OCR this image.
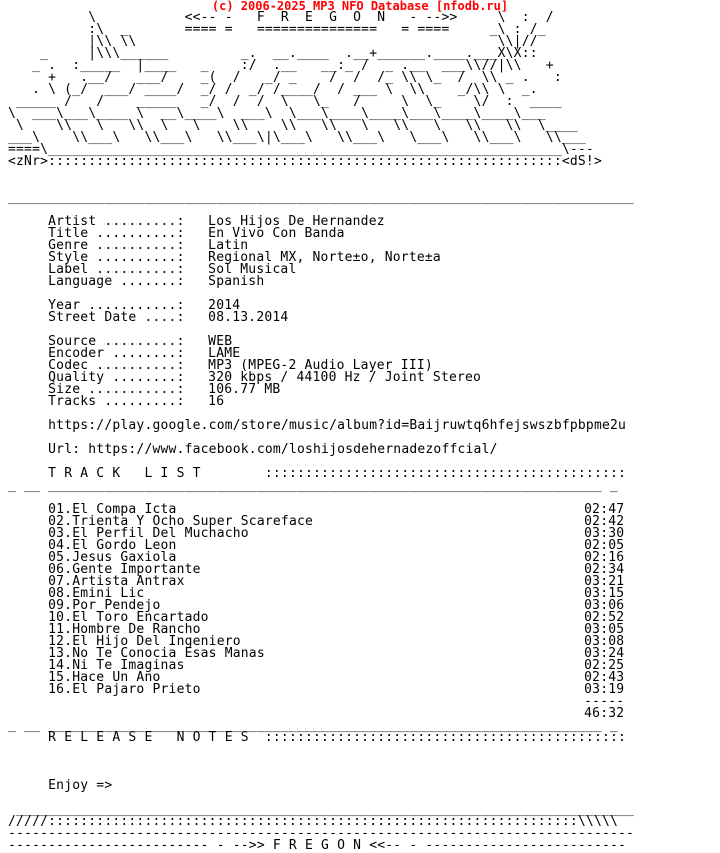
(c) 2006-2025 MP3 NFO Database [nfodb.ru]
\           <<-- -   F  R  E  G  O  N   - -->>     \  :  /
:\  _       ==== =   ===============   = ====     _\ : /_
|\\ \\                                             \\|//
_     |\\\______         _.  __.____  .__+______.____.___X\X::
_ .  :_____  |____   _    :/  .__   __:_ /  _ .__  ___\\//|\\   +
+   .__/   ___/    _(  /   _/ _    /  /  /_ \\ \_  /  \\ _ .   :
. \ (_/  ___/ ____/  _/ /  _/ /____/  / ___ \  \\    _/\\ \  _.
_____ /   /    _____   _/  /  /  \   \_   /     \  \_    \/  :  ____
\  ___\___\____ \  __\____\  ___\  \___\____\____\___\____\____\___
\    \\   \   \\  \   \    \\    \\   \\   \   \\   \   \\   \\  \____
___\    \\___\   \\___\   \\___\|\___\   \\___\   \___\   \\___\   \\___
====\________________________________________________________________\---
<zNr>::::::::::::::::::::::::::::::::::::::::::::::::::::::::::::::::<dS!>
______________________________________________________________________________
Artist .........: Los Hijos De Hernandez
Title ..........: En Vivo Con Banda
Genre ..........: Latin
Style ..........: Regional MX, Norte±o, Norte±a
Label ..........: Sol Musical
Language .......: Spanish
Year ...........: 2014
Street Date ....: 08.13.2014
Source .........: WEB
Encoder ........: LAME
Codec ..........: MP3 (MPEG-2 Audio Layer III)
Quality ........: 320 kbps / 44100 Hz / Joint Stereo
Size ...........: 106.77 MB
Tracks .........: 16
https://play.google.com/store/music/album?id=Baijruwtq6hfejswszbfpbpme2u
Url: https://www.facebook.com/loshijosdehernadezoffcial/
T R A C K   L I S T        :::::::::::::::::::::::::::::::::::::::::::::
_ __ _____________________________________________________________________ _
01.El Compa Icta	02:47
02.Trienta Y Ocho Super Scareface	02:42
03.El Perfil Del Muchacho	03:30
04.El Gordo Leon	02:05
05.Jesus Gaxiola	02:16
06.Gente Importante	02:34
07.Artista Antrax	03:21
08.Emini Lic	03:15
09.Por Pendejo	03:06
10.El Toro Encartado	02:52
11.Hombre De Rancho	03:05
12.El Hijo Del Ingeniero	03:08
13.No Te Conocia Esas Manas	03:24
14.Ni Te Imaginas	02:25
15.Hace Un Ano	02:43
16.El Pajaro Prieto	03:19
-----
46:32
_ __ _____________________________________________________________________ _
R E L E A S E   N O T E S  :::::::::::::::::::::::::::::::::::::::::::::
Enjoy =>
_____________________________________________________________________________
/////::::::::::::::::::::::::::::::::::::::::::::::::::::::::::::::::::\\\\\
------------------------------------------------------------------------------
------------------------- - -->> F R E G O N <<-- - -------------------------
